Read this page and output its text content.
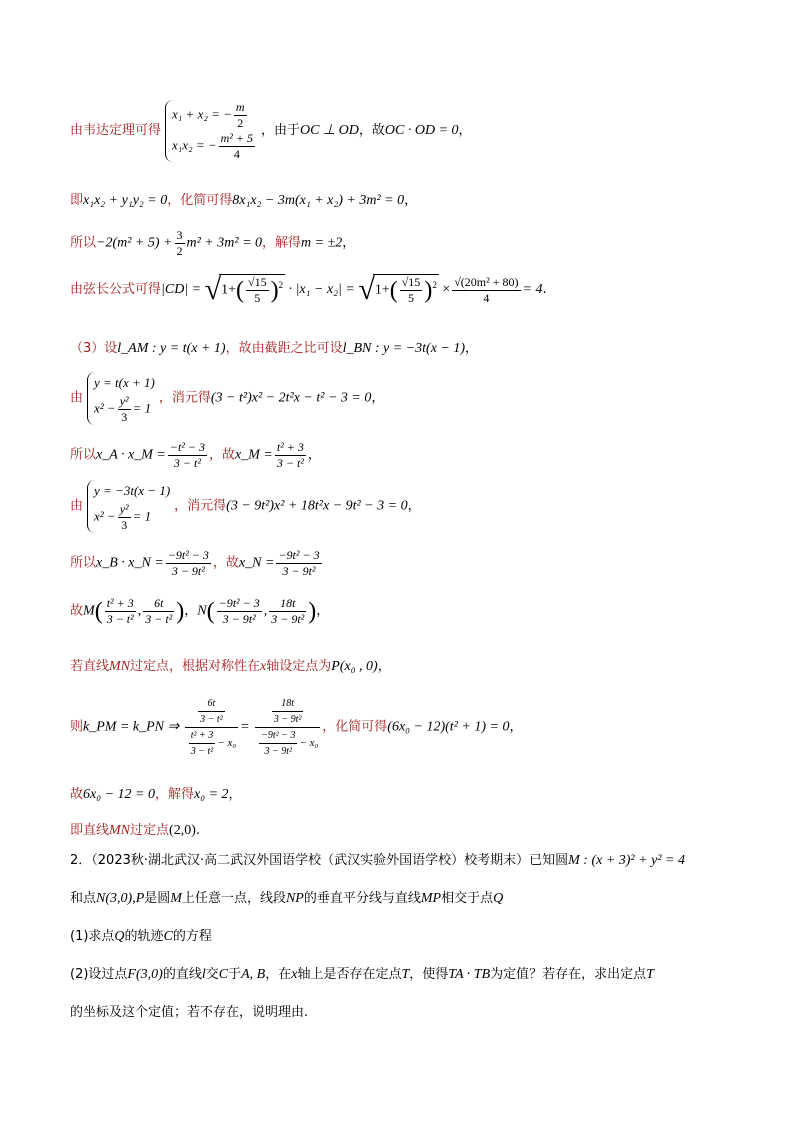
由韦达定理可得
x₁ + x₂ = − $\frac{m}{2}$
x₁x₂ = − $\frac{\text{m² + 5}}{4}$
，由于OC ⊥ OD，故OC · OD = 0，
即x₁x₂ + y₁y₂ = 0，化简可得8x₁x₂ − 3m(x₁ + x₂) + 3m² = 0，
所以$-2(m^2 + 5) + \frac{3}{2} m^2 + 3m^2 = 0$，解得m = ±2，
由弦长公式可得$|CD| = √1+( \frac{√15}{5} )^2 \cdot |x_1 - x_2| = √1+( \frac{√15}{5} )^2 \times \frac{\text{√(20m² + 80)}}{4} = 4$.
（3）设l_AM : y = t(x + 1)，故由截距之比可设l_BN : y = −3t(x − 1)，
由
y = t(x + 1)
$x^2 - \frac{\text{y²}}{3} = 1$
，消元得(3 − t²)x² − 2t²x − t² − 3 = 0，
所以x_A · x_M = $\frac{\text{−t² − 3}}{\text{3 − t²}}$ ，故x_M = $\frac{\text{t² + 3}}{\text{3 − t²}}$ ，
由
y = −3t(x − 1)
$x^2 - \frac{\text{y²}}{3} = 1$
，消元得(3 − 9t²)x² + 18t²x − 9t² − 3 = 0，
所以x_B · x_N = $\frac{\text{−9t² − 3}}{\text{3 − 9t²}}$ ，故x_N = $\frac{\text{−9t² − 3}}{\text{3 − 9t²}}$
故$M( \frac{\text{t² + 3}}{\text{3 − t²}}$ , $\frac{6t}{\text{3 − t²}}$ )，$N( \frac{\text{−9t² − 3}}{\text{3 − 9t²}}$ , $\frac{18t}{\text{3 − 9t²}}$ )，
若直线MN过定点，根据对称性在x轴设定点为P(x₀ , 0)，
则k_PM = k_PN ⇒ $\frac{\frac{6t}{\text{3 − t²}}}{\frac{\text{t² + 3}}{\text{3 − t²}} - x_0} = \frac{\frac{18t}{\text{3 − 9t²}}}{\frac{\text{−9t² − 3}}{\text{3 − 9t²}} - x_0}$ ，化简可得(6x₀ − 12)(t² + 1) = 0，
故6x₀ − 12 = 0，解得x₀ = 2，
即直线MN过定点(2,0).
2．（2023秋·湖北武汉·高二武汉外国语学校（武汉实验外国语学校）校考期末）已知圆M : (x + 3)² + y² = 4
和点N(3,0),P是圆M上任意一点，线段NP的垂直平分线与直线MP相交于点Q
(1)求点Q的轨迹C的方程
(2)设过点F(3,0)的直线l交C于A, B，在x轴上是否存在定点T，使得TA · TB为定值？若存在，求出定点T
的坐标及这个定值；若不存在，说明理由.
